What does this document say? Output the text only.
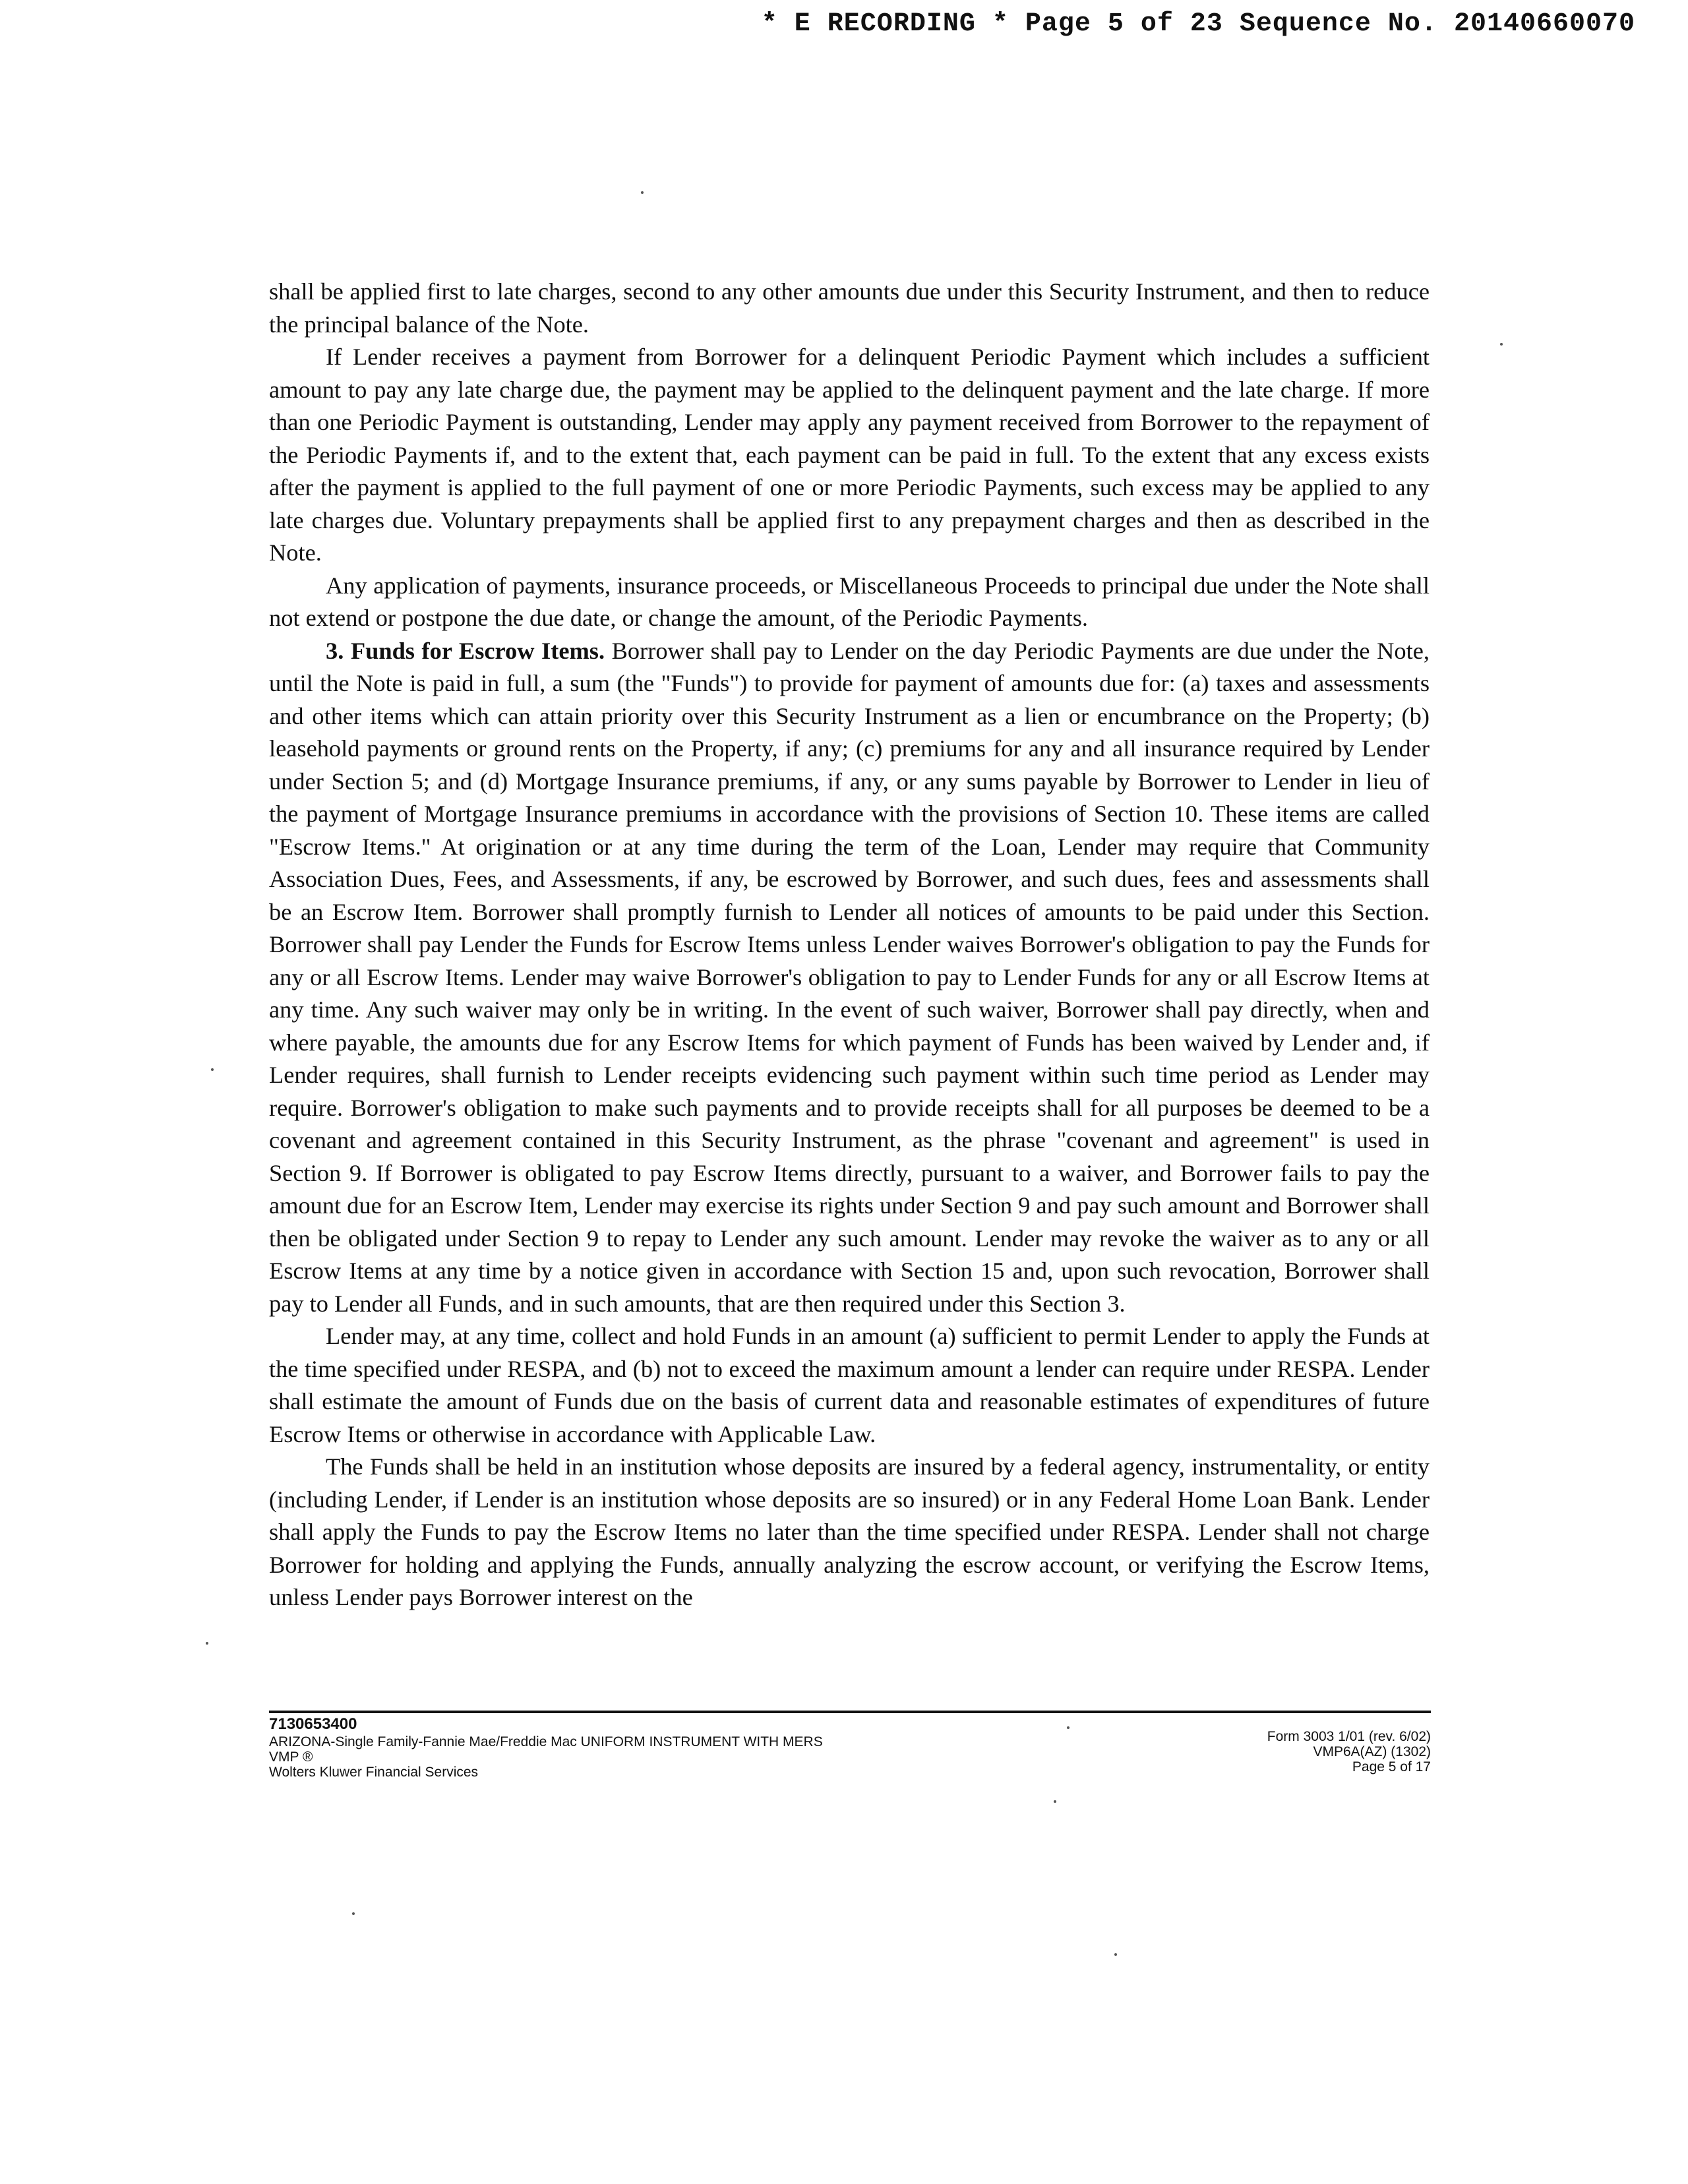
* E RECORDING * Page 5 of 23 Sequence No. 20140660070

shall be applied first to late charges, second to any other amounts due under this Security Instrument, and then to reduce the principal balance of the Note.

If Lender receives a payment from Borrower for a delinquent Periodic Payment which includes a sufficient amount to pay any late charge due, the payment may be applied to the delinquent payment and the late charge. If more than one Periodic Payment is outstanding, Lender may apply any payment received from Borrower to the repayment of the Periodic Payments if, and to the extent that, each payment can be paid in full. To the extent that any excess exists after the payment is applied to the full payment of one or more Periodic Payments, such excess may be applied to any late charges due. Voluntary prepayments shall be applied first to any prepayment charges and then as described in the Note.

Any application of payments, insurance proceeds, or Miscellaneous Proceeds to principal due under the Note shall not extend or postpone the due date, or change the amount, of the Periodic Payments.

3. Funds for Escrow Items. Borrower shall pay to Lender on the day Periodic Payments are due under the Note, until the Note is paid in full, a sum (the "Funds") to provide for payment of amounts due for: (a) taxes and assessments and other items which can attain priority over this Security Instrument as a lien or encumbrance on the Property; (b) leasehold payments or ground rents on the Property, if any; (c) premiums for any and all insurance required by Lender under Section 5; and (d) Mortgage Insurance premiums, if any, or any sums payable by Borrower to Lender in lieu of the payment of Mortgage Insurance premiums in accordance with the provisions of Section 10. These items are called "Escrow Items." At origination or at any time during the term of the Loan, Lender may require that Community Association Dues, Fees, and Assessments, if any, be escrowed by Borrower, and such dues, fees and assessments shall be an Escrow Item. Borrower shall promptly furnish to Lender all notices of amounts to be paid under this Section. Borrower shall pay Lender the Funds for Escrow Items unless Lender waives Borrower's obligation to pay the Funds for any or all Escrow Items. Lender may waive Borrower's obligation to pay to Lender Funds for any or all Escrow Items at any time. Any such waiver may only be in writing. In the event of such waiver, Borrower shall pay directly, when and where payable, the amounts due for any Escrow Items for which payment of Funds has been waived by Lender and, if Lender requires, shall furnish to Lender receipts evidencing such payment within such time period as Lender may require. Borrower's obligation to make such payments and to provide receipts shall for all purposes be deemed to be a covenant and agreement contained in this Security Instrument, as the phrase "covenant and agreement" is used in Section 9. If Borrower is obligated to pay Escrow Items directly, pursuant to a waiver, and Borrower fails to pay the amount due for an Escrow Item, Lender may exercise its rights under Section 9 and pay such amount and Borrower shall then be obligated under Section 9 to repay to Lender any such amount. Lender may revoke the waiver as to any or all Escrow Items at any time by a notice given in accordance with Section 15 and, upon such revocation, Borrower shall pay to Lender all Funds, and in such amounts, that are then required under this Section 3.

Lender may, at any time, collect and hold Funds in an amount (a) sufficient to permit Lender to apply the Funds at the time specified under RESPA, and (b) not to exceed the maximum amount a lender can require under RESPA. Lender shall estimate the amount of Funds due on the basis of current data and reasonable estimates of expenditures of future Escrow Items or otherwise in accordance with Applicable Law.

The Funds shall be held in an institution whose deposits are insured by a federal agency, instrumentality, or entity (including Lender, if Lender is an institution whose deposits are so insured) or in any Federal Home Loan Bank. Lender shall apply the Funds to pay the Escrow Items no later than the time specified under RESPA. Lender shall not charge Borrower for holding and applying the Funds, annually analyzing the escrow account, or verifying the Escrow Items, unless Lender pays Borrower interest on the

7130653400
ARIZONA-Single Family-Fannie Mae/Freddie Mac UNIFORM INSTRUMENT WITH MERS
VMP ®
Wolters Kluwer Financial Services
Form 3003 1/01 (rev. 6/02)
VMP6A(AZ) (1302)
Page 5 of 17
